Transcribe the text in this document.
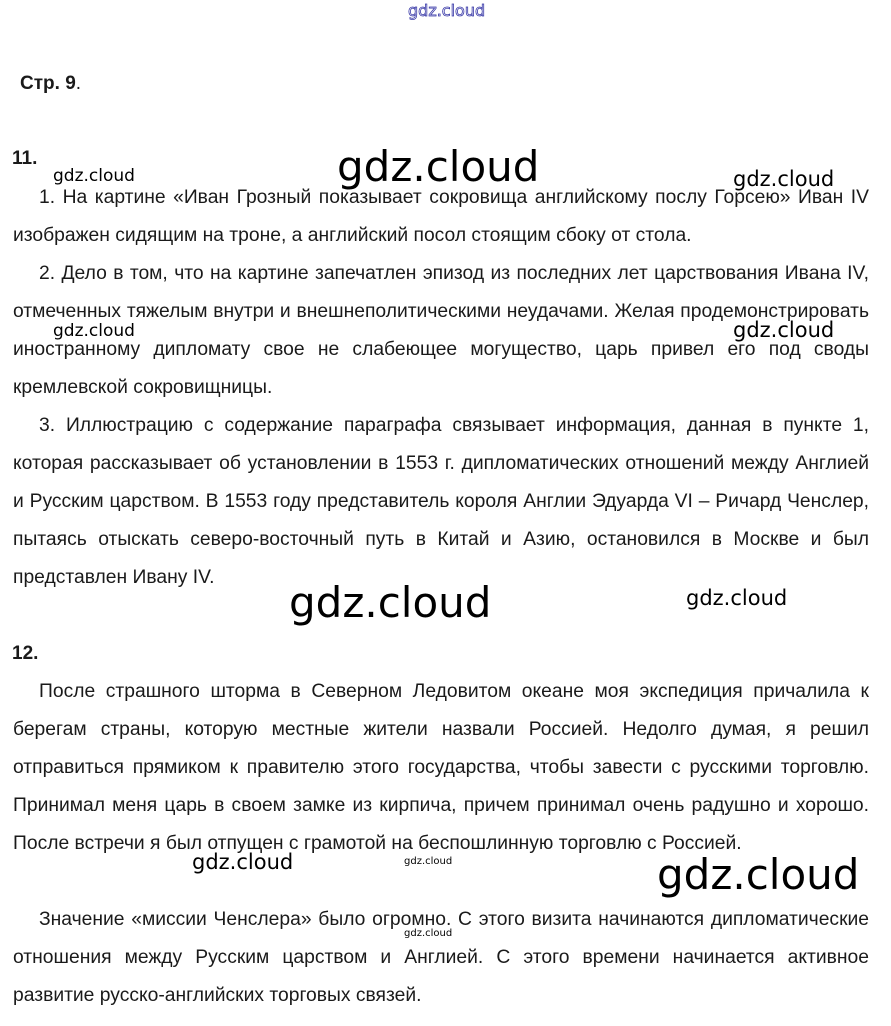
gdz.cloud
Стр. 9.
11.

1. На картине «Иван Грозный показывает сокровища английскому послу Горсею» Иван IV изображен сидящим на троне, а английский посол стоящим сбоку от стола.

2. Дело в том, что на картине запечатлен эпизод из последних лет царствования Ивана IV, отмеченных тяжелым внутри и внешнеполитическими неудачами. Желая продемонстрировать иностранному дипломату свое не слабеющее могущество, царь привел его под своды кремлевской сокровищницы.

3. Иллюстрацию с содержание параграфа связывает информация, данная в пункте 1, которая рассказывает об установлении в 1553 г. дипломатических отношений между Англией и Русским царством. В 1553 году представитель короля Англии Эдуарда VI – Ричард Ченслер, пытаясь отыскать северо-восточный путь в Китай и Азию, остановился в Москве и был представлен Ивану IV.

12.

После страшного шторма в Северном Ледовитом океане моя экспедиция причалила к берегам страны, которую местные жители назвали Россией. Недолго думая, я решил отправиться прямиком к правителю этого государства, чтобы завести с русскими торговлю. Принимал меня царь в своем замке из кирпича, причем принимал очень радушно и хорошо. После встречи я был отпущен с грамотой на беспошлинную торговлю с Россией.

Значение «миссии Ченслера» было огромно. С этого визита начинаются дипломатические отношения между Русским царством и Англией. С этого времени начинается активное развитие русско-английских торговых связей.

gdz.cloud	gdz.cloud	gdz.cloud
gdz.cloud	gdz.cloud
gdz.cloud	gdz.cloud
gdz.cloud	gdz.cloud	gdz.cloud
gdz.cloud
